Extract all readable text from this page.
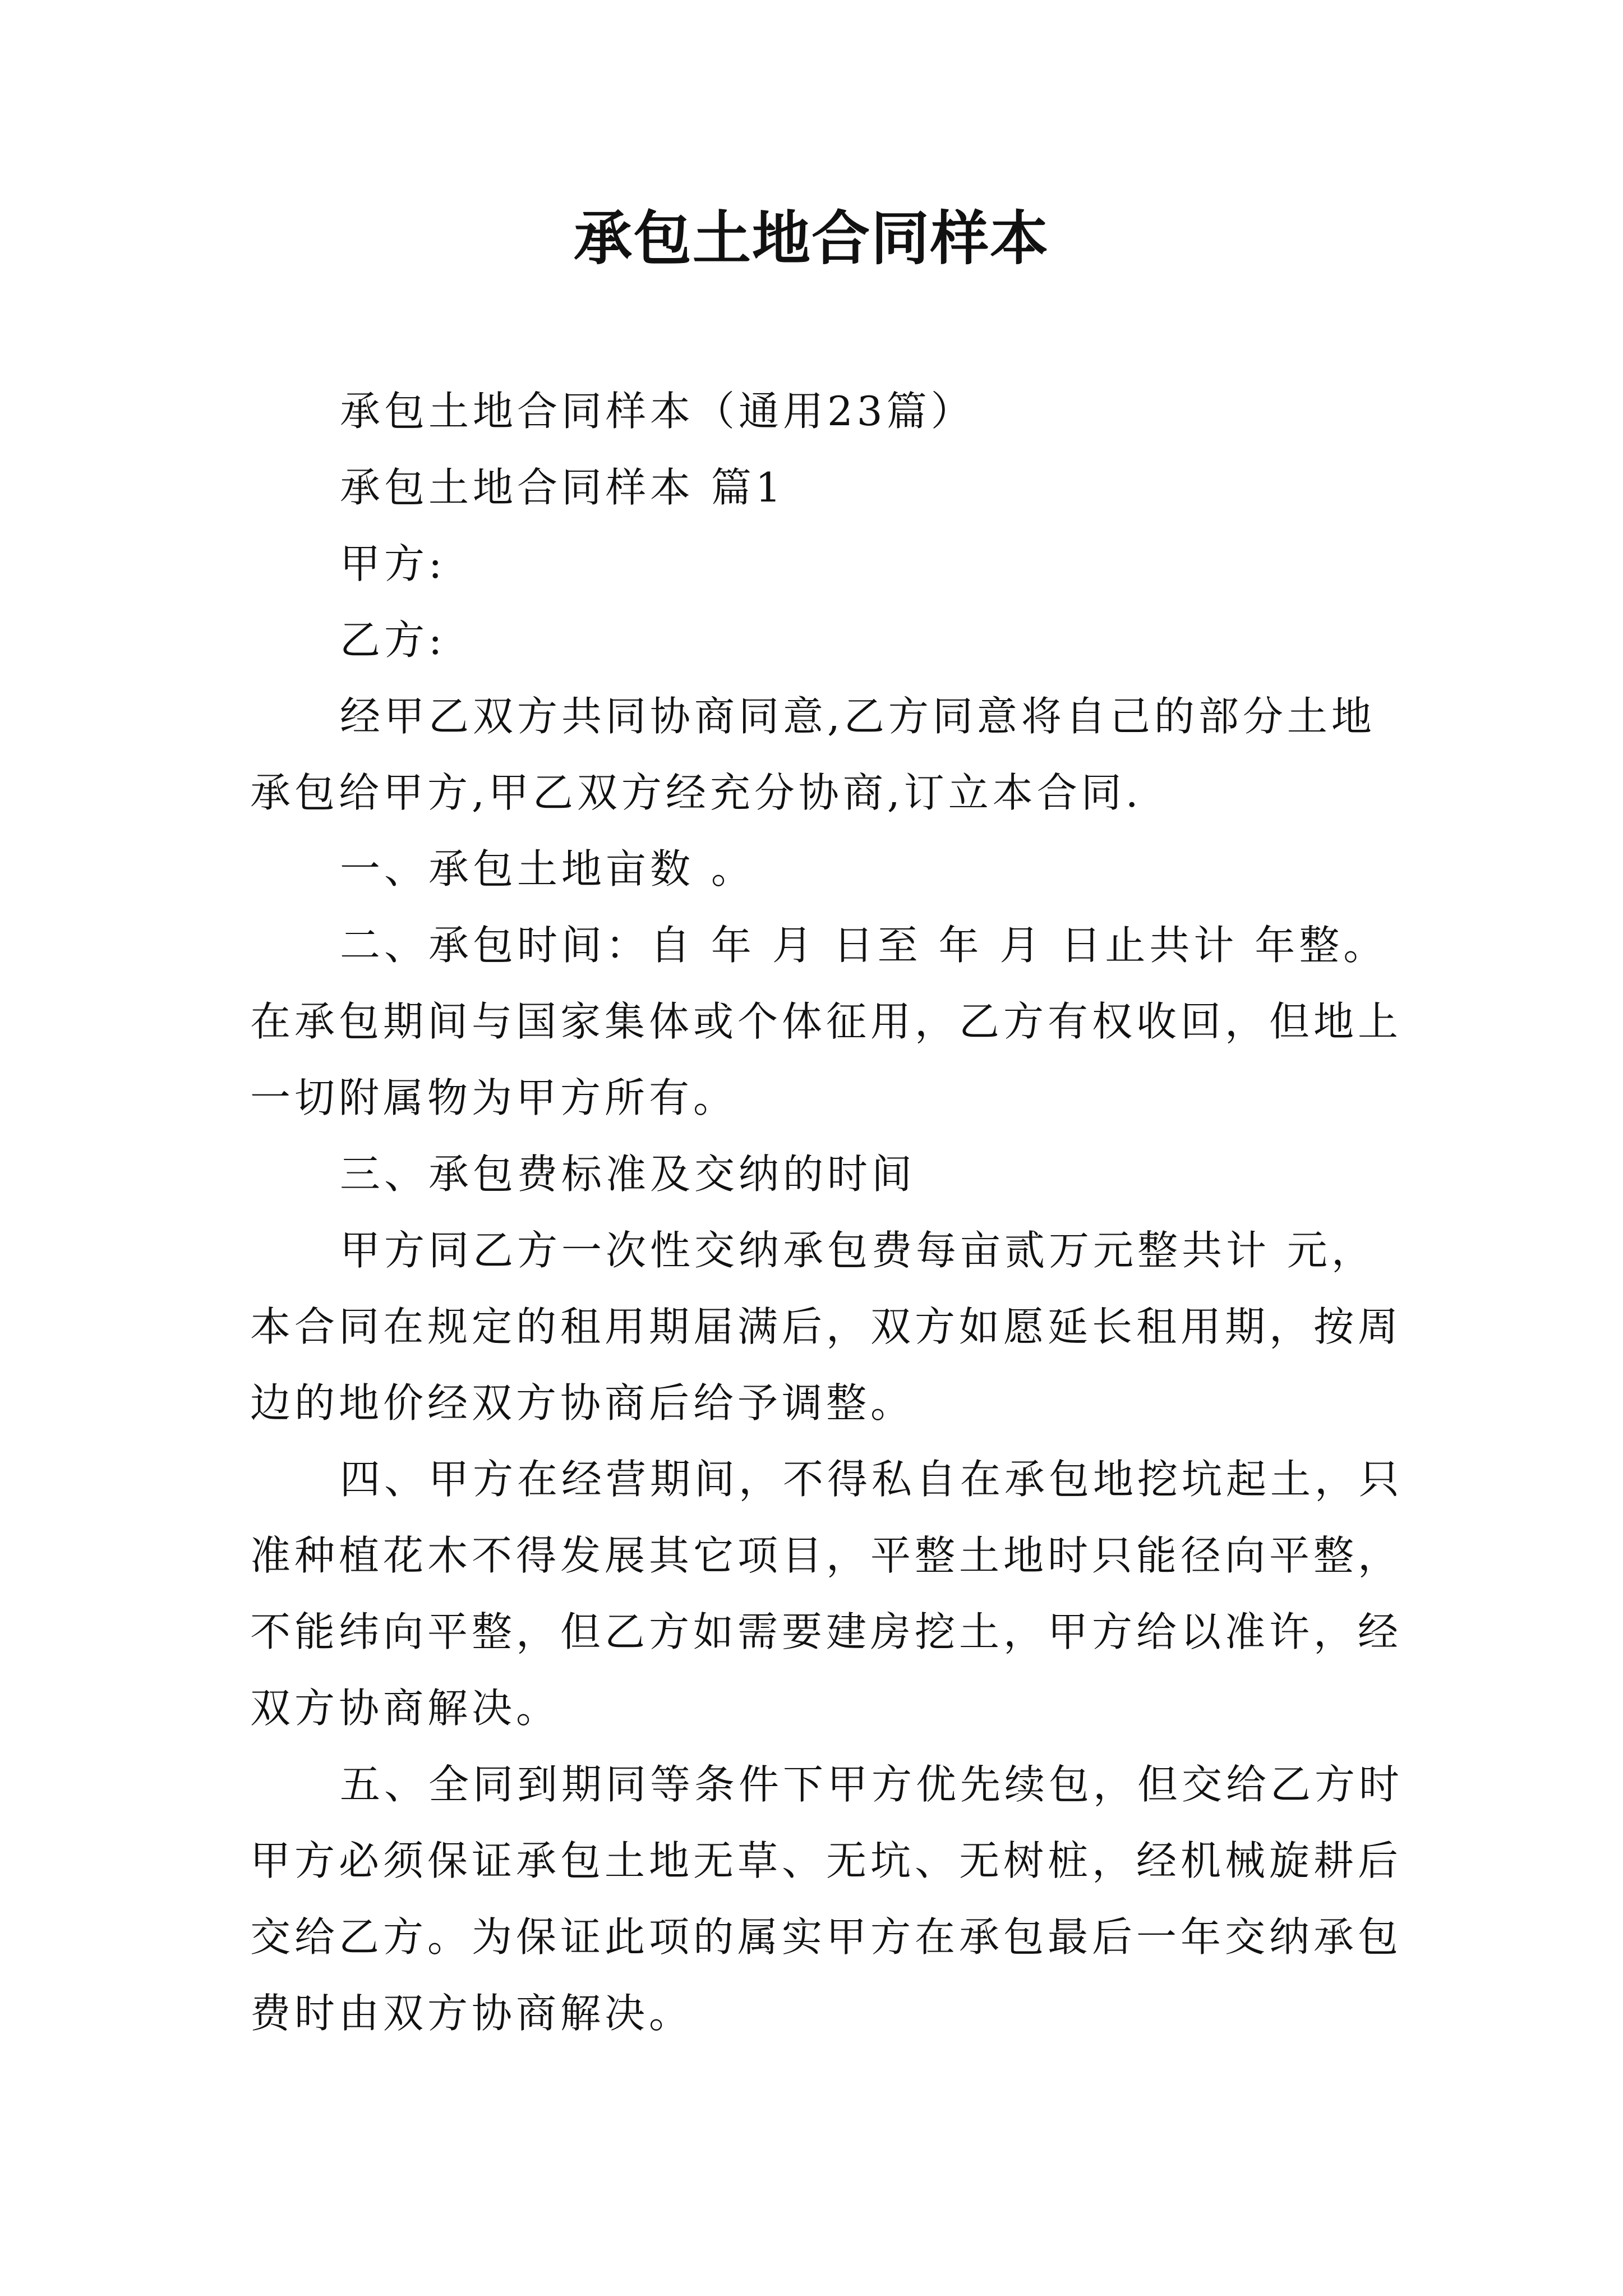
承包土地合同样本
承包土地合同样本（通用23篇）
承包土地合同样本 篇1
甲方:
乙方:
经甲乙双方共同协商同意,乙方同意将自己的部分土地
承包给甲方,甲乙双方经充分协商,订立本合同.
一、承包土地亩数 。
二、承包时间：自 年 月 日至 年 月 日止共计 年整。
在承包期间与国家集体或个体征用，乙方有权收回，但地上
一切附属物为甲方所有。
三、承包费标准及交纳的时间
甲方同乙方一次性交纳承包费每亩贰万元整共计 元，
本合同在规定的租用期届满后，双方如愿延长租用期，按周
边的地价经双方协商后给予调整。
四、甲方在经营期间，不得私自在承包地挖坑起土，只
准种植花木不得发展其它项目，平整土地时只能径向平整，
不能纬向平整，但乙方如需要建房挖土，甲方给以准许，经
双方协商解决。
五、全同到期同等条件下甲方优先续包，但交给乙方时
甲方必须保证承包土地无草、无坑、无树桩，经机械旋耕后
交给乙方。为保证此项的属实甲方在承包最后一年交纳承包
费时由双方协商解决。
